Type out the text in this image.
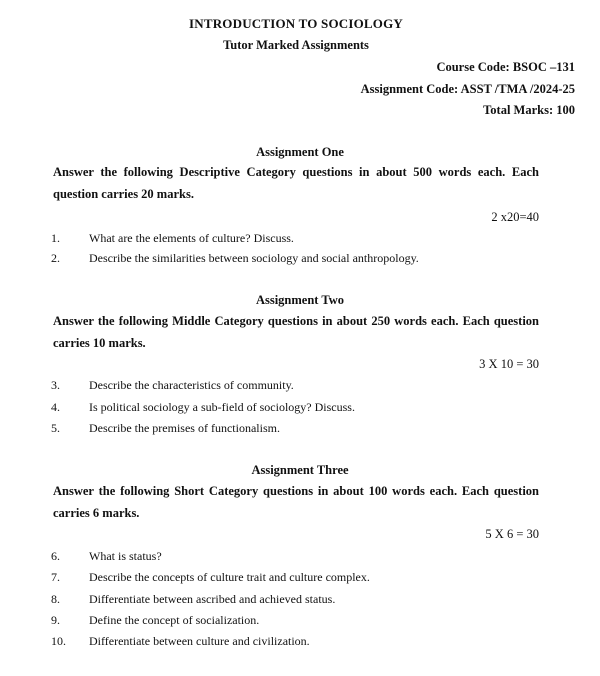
INTRODUCTION TO SOCIOLOGY
Tutor Marked Assignments
Course Code: BSOC –131
Assignment Code: ASST /TMA /2024-25
Total Marks: 100
Assignment One
Answer the following Descriptive Category questions in about 500 words each. Each question carries 20 marks.
2 x20=40
1. What are the elements of culture? Discuss.
2. Describe the similarities between sociology and social anthropology.
Assignment Two
Answer the following Middle Category questions in about 250 words each. Each question carries 10 marks.
3 X 10 = 30
3. Describe the characteristics of community.
4. Is political sociology a sub-field of sociology? Discuss.
5. Describe the premises of functionalism.
Assignment Three
Answer the following Short Category questions in about 100 words each. Each question carries 6 marks.
5 X 6 = 30
6. What is status?
7. Describe the concepts of culture trait and culture complex.
8. Differentiate between ascribed and achieved status.
9. Define the concept of socialization.
10. Differentiate between culture and civilization.
